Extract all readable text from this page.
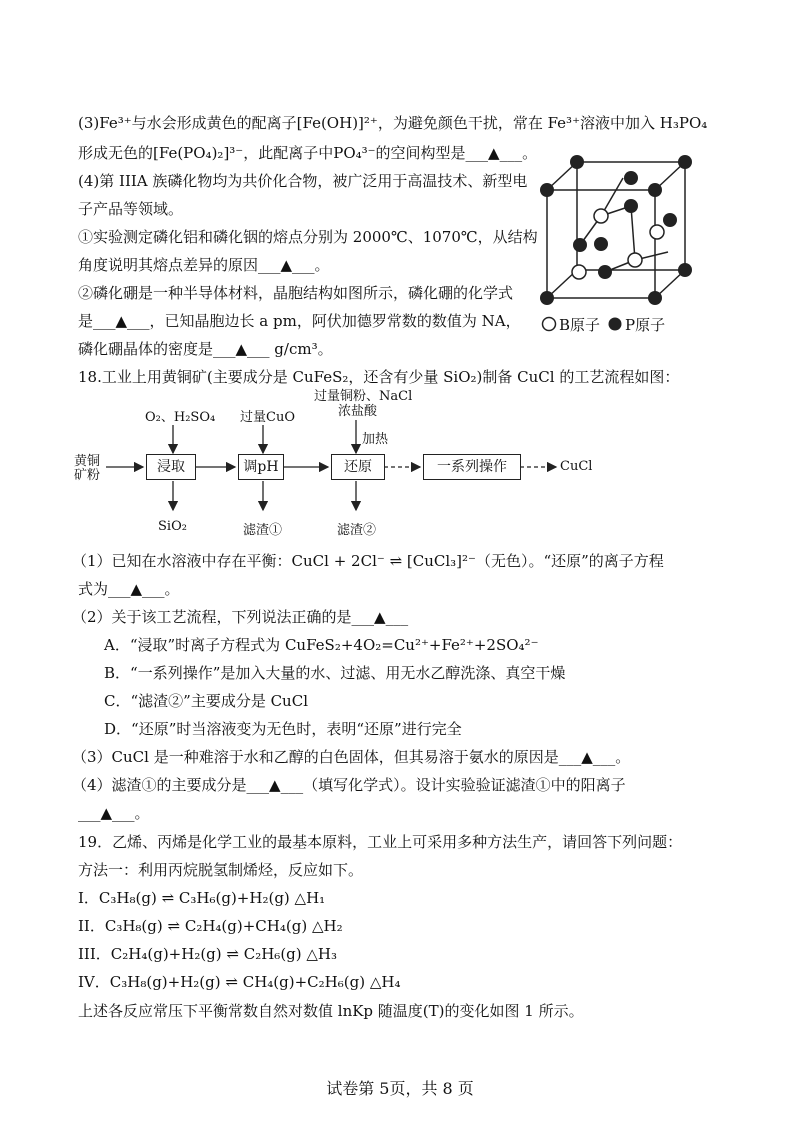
(3)Fe³⁺与水会形成黄色的配离子[Fe(OH)]²⁺，为避免颜色干扰，常在 Fe³⁺溶液中加入 H₃PO₄
形成无色的[Fe(PO₄)₂]³⁻，此配离子中PO₄³⁻的空间构型是___▲___。
(4)第 IIIA 族磷化物均为共价化合物，被广泛用于高温技术、新型电
子产品等领域。
①实验测定磷化铝和磷化铟的熔点分别为 2000℃、1070℃，从结构
角度说明其熔点差异的原因___▲___。
②磷化硼是一种半导体材料，晶胞结构如图所示，磷化硼的化学式
是___▲___，已知晶胞边长 a pm，阿伏加德罗常数的数值为 NA，
磷化硼晶体的密度是___▲___ g/cm³。
B原子 P原子
18.工业上用黄铜矿(主要成分是 CuFeS₂，还含有少量 SiO₂)制备 CuCl 的工艺流程如图：
黄铜矿粉
浸取	调pH	还原	一系列操作	CuCl
O₂、H₂SO₄ 过量CuO
过量铜粉、NaCl
浓盐酸
加热
SiO₂	滤渣①	滤渣②
（1）已知在水溶液中存在平衡：CuCl + 2Cl⁻ ⇌ [CuCl₃]²⁻（无色）。“还原”的离子方程
式为___▲___。
（2）关于该工艺流程，下列说法正确的是___▲___
A．“浸取”时离子方程式为 CuFeS₂+4O₂=Cu²⁺+Fe²⁺+2SO₄²⁻
B．“一系列操作”是加入大量的水、过滤、用无水乙醇洗涤、真空干燥
C．“滤渣②”主要成分是 CuCl
D．“还原”时当溶液变为无色时，表明“还原”进行完全
（3）CuCl 是一种难溶于水和乙醇的白色固体，但其易溶于氨水的原因是___▲___。
（4）滤渣①的主要成分是___▲___（填写化学式）。设计实验验证滤渣①中的阳离子
___▲___。
19．乙烯、丙烯是化学工业的最基本原料，工业上可采用多种方法生产，请回答下列问题：
方法一：利用丙烷脱氢制烯烃，反应如下。
I．C₃H₈(g) ⇌ C₃H₆(g)+H₂(g) △H₁
II．C₃H₈(g) ⇌ C₂H₄(g)+CH₄(g) △H₂
III．C₂H₄(g)+H₂(g) ⇌ C₂H₆(g) △H₃
IV．C₃H₈(g)+H₂(g) ⇌ CH₄(g)+C₂H₆(g) △H₄
上述各反应常压下平衡常数自然对数值 lnKp 随温度(T)的变化如图 1 所示。
试卷第 5页，共 8 页
